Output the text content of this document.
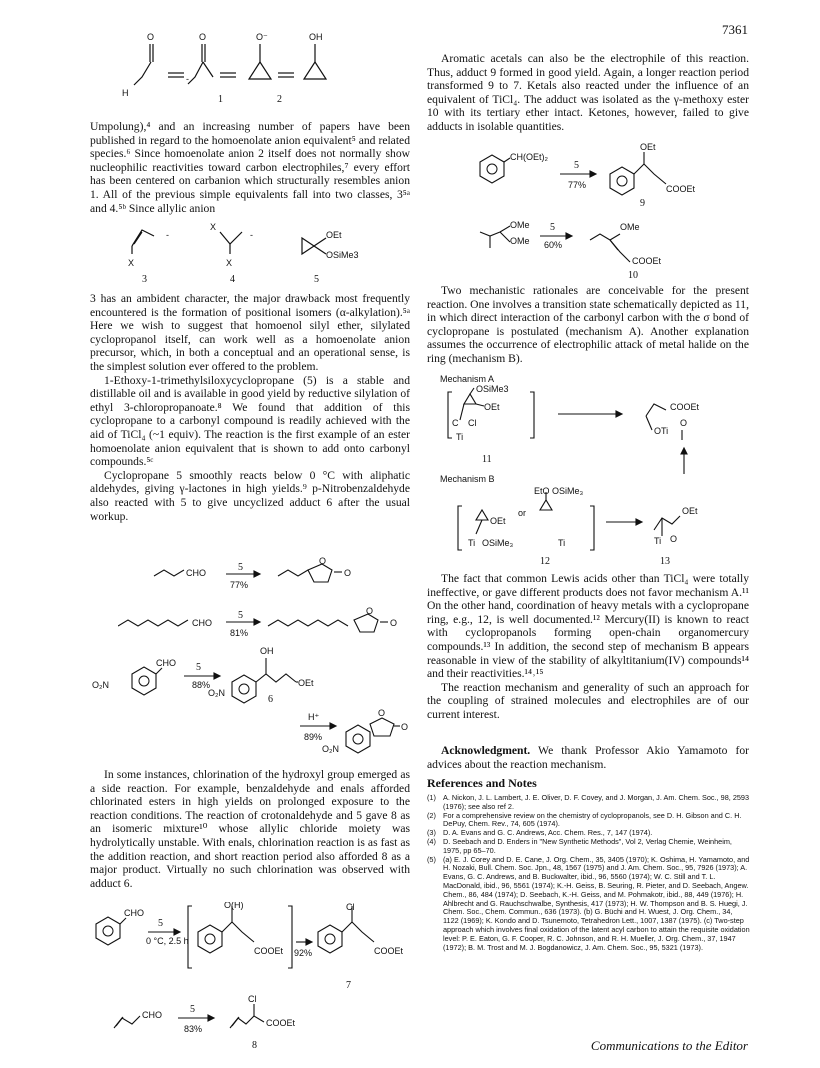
7361
O	O	O⁻	OH
H
-
1	2

Umpolung),⁴ and an increasing number of papers have been published in regard to the homoenolate anion equivalent⁵ and related species.⁶ Since homoenolate anion 2 itself does not normally show nucleophilic reactivities toward carbon electrophiles,⁷ every effort has been centered on carbanion which structurally resembles anion 1. All of the previous simple equivalents fall into two classes, 3⁵ᵃ and 4.⁵ᵇ Since allylic anion

-	-
X
X
X
OEt
OSiMe3
3	4	5

3 has an ambident character, the major drawback most frequently encountered is the formation of positional isomers (α-alkylation).⁵ᵃ Here we wish to suggest that homoenol silyl ether, silylated cyclopropanol itself, can work well as a homoenolate anion precursor, which, in both a conceptual and an operational sense, is the simplest solution ever offered to the problem.

1-Ethoxy-1-trimethylsiloxycyclopropane (5) is a stable and distillable oil and is available in good yield by reductive silylation of ethyl 3-chloropropanoate.⁸ We found that addition of this cyclopropane to a carbonyl compound is readily achieved with the aid of TiCl₄ (~1 equiv). The reaction is the first example of an ester homoenolate anion equivalent that is shown to add onto carbonyl compounds.⁵ᶜ

Cyclopropane 5 smoothly reacts below 0 °C with aliphatic aldehydes, giving γ-lactones in high yields.⁹ p-Nitrobenzaldehyde also reacted with 5 to give uncyclized adduct 6 after the usual workup.

CHO	5
77%
O
O
CHO
5
81%
O
O
CHO 5
88%
O₂N
O₂N
OH
OEt
6
H⁺
89%
O₂N
O
O

In some instances, chlorination of the hydroxyl group emerged as a side reaction. For example, benzaldehyde and enals afforded chlorinated esters in high yields on prolonged exposure to the reaction conditions. The reaction of crotonaldehyde and 5 gave 8 as an isomeric mixture¹⁰ whose allylic chloride moiety was hydrolytically unstable. With enals, chlorination reaction is as fast as the addition reaction, and short reaction period also afforded 8 as a major product. Virtually no such chlorination was observed with adduct 6.

CHO
5
0 °C, 2.5 h
O(H)
COOEt 92%
Cl
COOEt
7
CHO	5
83%
Cl
COOEt
8

Aromatic acetals can also be the electrophile of this reaction. Thus, adduct 9 formed in good yield. Again, a longer reaction period transformed 9 to 7. Ketals also reacted under the influence of an equivalent of TiCl₄. The adduct was isolated as the γ-methoxy ester 10 with its tertiary ether intact. Ketones, however, failed to give adducts in isolable quantities.

CH(OEt)₂
5
77%
OEt
COOEt
9
OMe
OMe
5
60%
OMe
COOEt
10

Two mechanistic rationales are conceivable for the present reaction. One involves a transition state schematically depicted as 11, in which direct interaction of the carbonyl carbon with the σ bond of cyclopropane is postulated (mechanism A). Another explanation assumes the occurrence of electrophilic attack of metal halide on the ring (mechanism B).

Mechanism A
OSiMe3
OEt
C Cl
Ti
COOEt
OTi
O
11
Mechanism B
EtO OSiMe₃
OEt
or
Ti OSiMe₃	Ti
OEt
Ti O
12	13

The fact that common Lewis acids other than TiCl₄ were totally ineffective, or gave different products does not favor mechanism A.¹¹ On the other hand, coordination of heavy metals with a cyclopropane ring, e.g., 12, is well documented.¹² Mercury(II) is known to react with cyclopropanols forming open-chain organomercury compounds.¹³ In addition, the second step of mechanism B appears reasonable in view of the stability of alkyltitanium(IV) compounds¹⁴ and their reactivities.¹⁴˒¹⁵

The reaction mechanism and generality of such an approach for the coupling of strained molecules and electrophiles are of our current interest.

Acknowledgment. We thank Professor Akio Yamamoto for advices about the reaction mechanism.

References and Notes

(1) A. Nickon, J. L. Lambert, J. E. Oliver, D. F. Covey, and J. Morgan, J. Am. Chem. Soc., 98, 2593 (1976); see also ref 2.
(2) For a comprehensive review on the chemistry of cyclopropanols, see D. H. Gibson and C. H. DePuy, Chem. Rev., 74, 605 (1974).
(3) D. A. Evans and G. C. Andrews, Acc. Chem. Res., 7, 147 (1974).
(4) D. Seebach and D. Enders in "New Synthetic Methods", Vol 2, Verlag Chemie, Weinheim, 1975, pp 65–70.
(5) (a) E. J. Corey and D. E. Cane, J. Org. Chem., 35, 3405 (1970); K. Oshima, H. Yamamoto, and H. Nozaki, Bull. Chem. Soc. Jpn., 48, 1567 (1975) and J. Am. Chem. Soc., 95, 7926 (1973); A. Evans, G. C. Andrews, and B. Buckwalter, ibid., 96, 5560 (1974); W. C. Still and T. L. MacDonald, ibid., 96, 5561 (1974); K.-H. Geiss, B. Seuring, R. Pieter, and D. Seebach, Angew. Chem., 86, 484 (1974); D. Seebach, K.-H. Geiss, and M. Pohmakotr, ibid., 88, 449 (1976); H. Ahlbrecht and G. Rauchschwalbe, Synthesis, 417 (1973); H. W. Thompson and B. S. Huegi, J. Chem. Soc., Chem. Commun., 636 (1973). (b) G. Büchi and H. Wuest, J. Org. Chem., 34, 1122 (1969); K. Kondo and D. Tsunemoto, Tetrahedron Lett., 1007, 1387 (1975). (c) Two-step approach which involves final oxidation of the latent acyl carbon to attain the requisite oxidation level: P. E. Eaton, G. F. Cooper, R. C. Johnson, and R. H. Mueller, J. Org. Chem., 37, 1947 (1972); B. M. Trost and M. J. Bogdanowicz, J. Am. Chem. Soc., 95, 5321 (1973).
Communications to the Editor
